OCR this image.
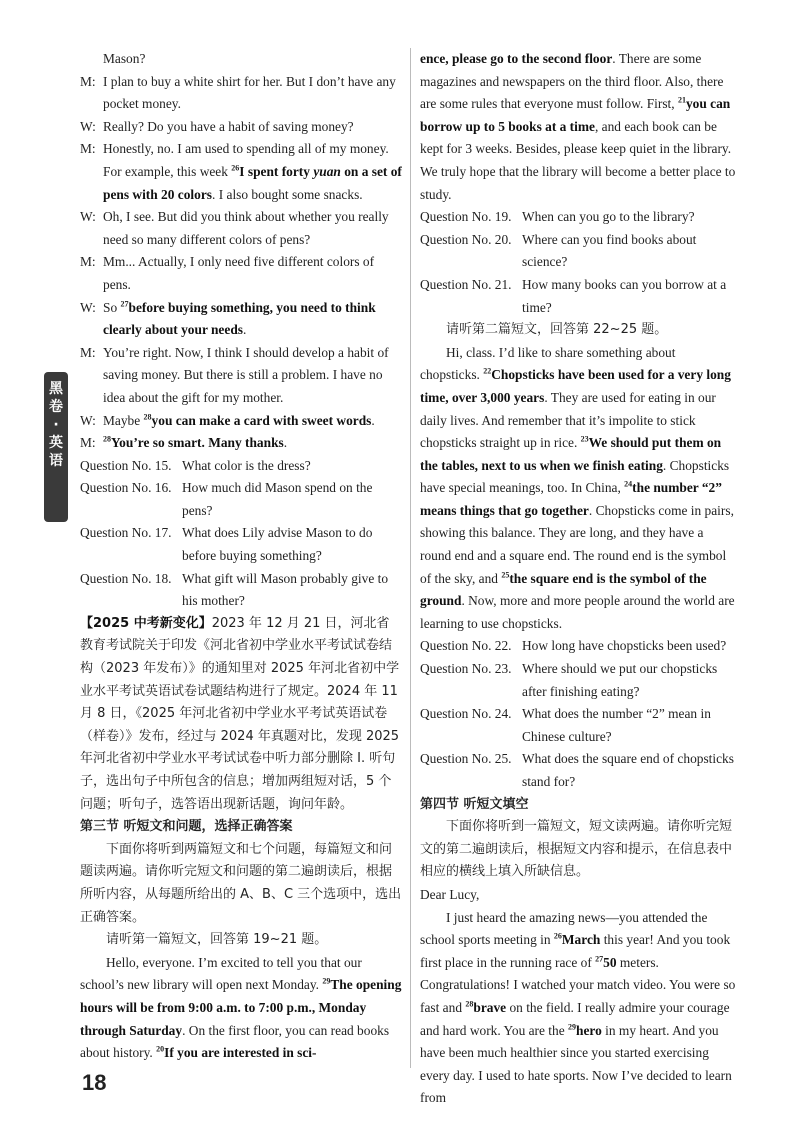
黑
卷
·
英
语

Mason?

M: I plan to buy a white shirt for her. But I don’t have any pocket money.
W: Really? Do you have a habit of saving money?
M: Honestly, no. I am used to spending all of my money. For example, this week $^{26}$I spent forty yuan on a set of pens with 20 colors. I also bought some snacks.
W: Oh, I see. But did you think about whether you really need so many different colors of pens?
M: Mm... Actually, I only need five different colors of pens.
W: So $^{27}$before buying something, you need to think clearly about your needs.
M: You’re right. Now, I think I should develop a habit of saving money. But there is still a problem. I have no idea about the gift for my mother.
W: Maybe $^{28}$you can make a card with sweet words.
M: $^{28}$You’re so smart. Many thanks.
Question No. 15. What color is the dress?
Question No. 16. How much did Mason spend on the pens?
Question No. 17. What does Lily advise Mason to do before buying something?
Question No. 18. What gift will Mason probably give to his mother?

【2025 中考新变化】2023 年 12 月 21 日，河北省教育考试院关于印发《河北省初中学业水平考试试卷结构（2023 年发布）》的通知里对 2025 年河北省初中学业水平考试英语试卷试题结构进行了规定。2024 年 11 月 8 日，《2025 年河北省初中学业水平考试英语试卷（样卷）》发布，经过与 2024 年真题对比，发现 2025 年河北省初中学业水平考试试卷中听力部分删除 I. 听句子，选出句子中所包含的信息；增加两组短对话，5 个问题；听句子，选答语出现新话题，询问年龄。

第三节 听短文和问题，选择正确答案

下面你将听到两篇短文和七个问题，每篇短文和问题读两遍。请你听完短文和问题的第二遍朗读后，根据所听内容，从每题所给出的 A、B、C 三个选项中，选出正确答案。

请听第一篇短文，回答第 19~21 题。

Hello, everyone. I’m excited to tell you that our school’s new library will open next Monday. $^{29}$The opening hours will be from 9:00 a.m. to 7:00 p.m., Monday through Saturday. On the first floor, you can read books about history. $^{20}$If you are interested in sci-

ence, please go to the second floor. There are some magazines and newspapers on the third floor. Also, there are some rules that everyone must follow. First, $^{21}$you can borrow up to 5 books at a time, and each book can be kept for 3 weeks. Besides, please keep quiet in the library. We truly hope that the library will become a better place to study.

Question No. 19. When can you go to the library?
Question No. 20. Where can you find books about science?
Question No. 21. How many books can you borrow at a time?

请听第二篇短文，回答第 22~25 题。

Hi, class. I’d like to share something about chopsticks. $^{22}$Chopsticks have been used for a very long time, over 3,000 years. They are used for eating in our daily lives. And remember that it’s impolite to stick chopsticks straight up in rice. $^{23}$We should put them on the tables, next to us when we finish eating. Chopsticks have special meanings, too. In China, $^{24}$the number “2” means things that go together. Chopsticks come in pairs, showing this balance. They are long, and they have a round end and a square end. The round end is the symbol of the sky, and $^{25}$the square end is the symbol of the ground. Now, more and more people around the world are learning to use chopsticks.

Question No. 22. How long have chopsticks been used?
Question No. 23. Where should we put our chopsticks after finishing eating?
Question No. 24. What does the number “2” mean in Chinese culture?
Question No. 25. What does the square end of chopsticks stand for?

第四节 听短文填空

下面你将听到一篇短文，短文读两遍。请你听完短文的第二遍朗读后，根据短文内容和提示，在信息表中相应的横线上填入所缺信息。

Dear Lucy,

I just heard the amazing news—you attended the school sports meeting in $^{26}$March this year! And you took first place in the running race of $^{27}$50 meters. Congratulations! I watched your match video. You were so fast and $^{28}$brave on the field. I really admire your courage and hard work. You are the $^{29}$hero in my heart. And you have been much healthier since you started exercising every day. I used to hate sports. Now I’ve decided to learn from

18
